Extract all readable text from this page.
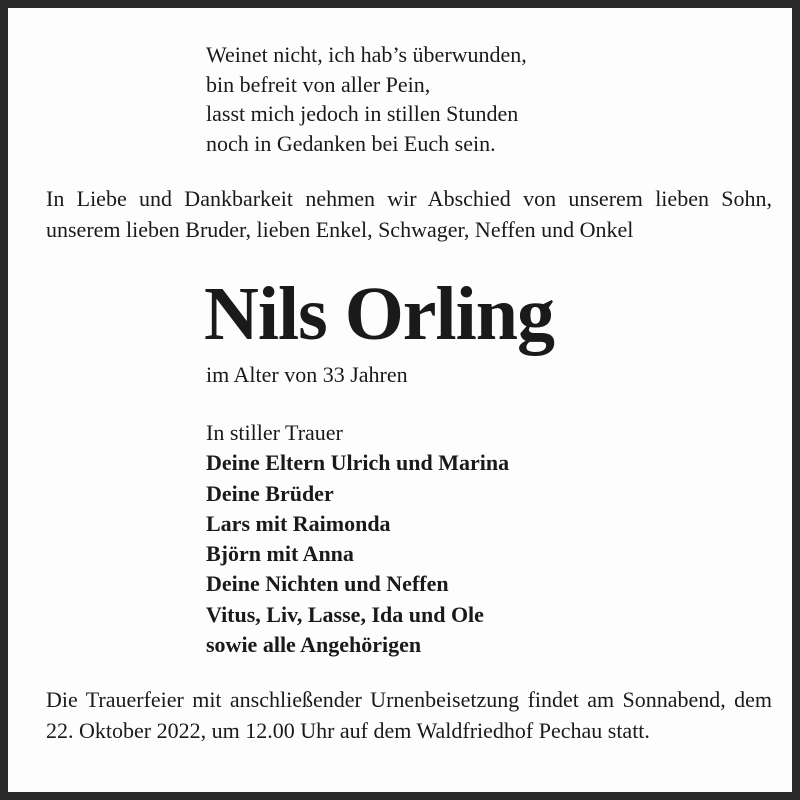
Weinet nicht, ich hab’s überwunden,
bin befreit von aller Pein,
lasst mich jedoch in stillen Stunden
noch in Gedanken bei Euch sein.
In Liebe und Dankbarkeit nehmen wir Abschied von unserem lieben Sohn, unserem lieben Bruder, lieben Enkel, Schwager, Neffen und Onkel
Nils Orling
im Alter von 33 Jahren
In stiller Trauer
Deine Eltern Ulrich und Marina
Deine Brüder
Lars mit Raimonda
Björn mit Anna
Deine Nichten und Neffen
Vitus, Liv, Lasse, Ida und Ole
sowie alle Angehörigen
Die Trauerfeier mit anschließender Urnenbeisetzung findet am Sonnabend, dem 22. Oktober 2022, um 12.00 Uhr auf dem Waldfriedhof Pechau statt.
